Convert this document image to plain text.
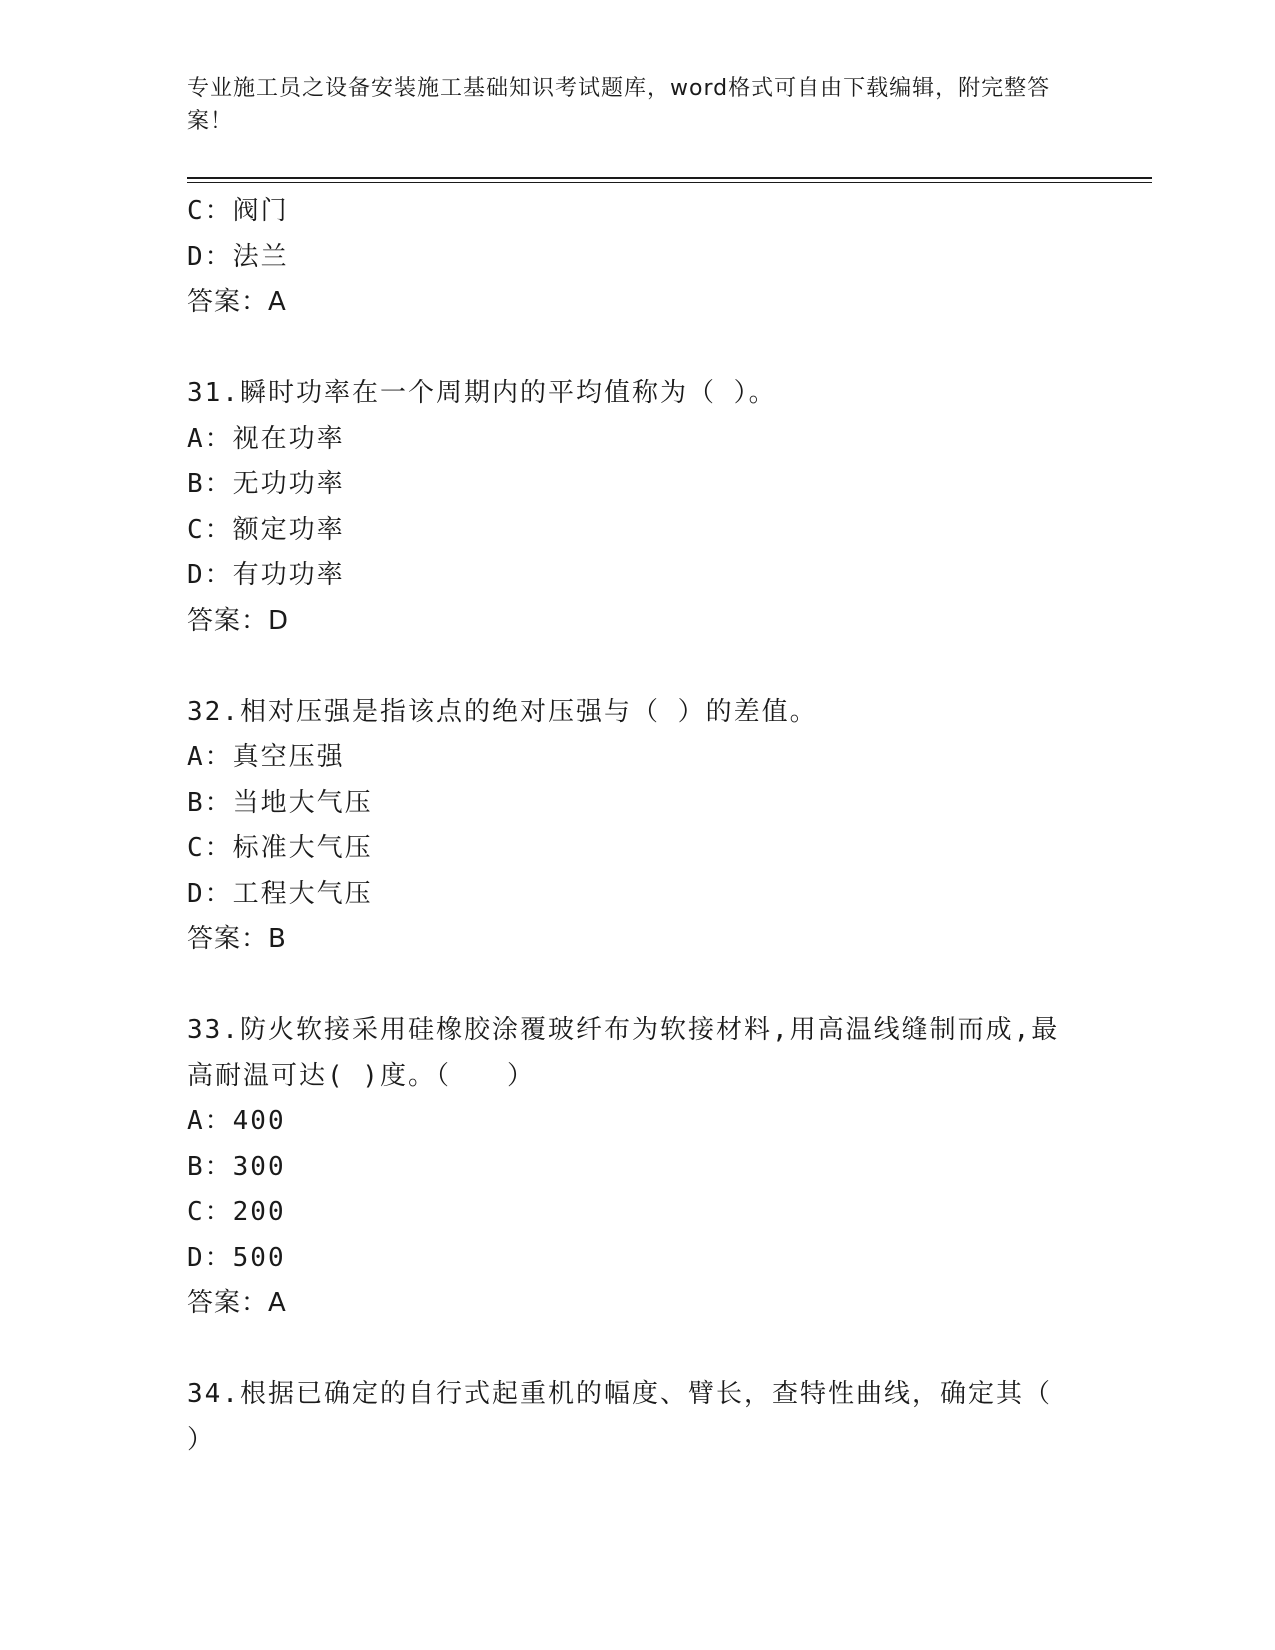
专业施工员之设备安装施工基础知识考试题库，word格式可自由下载编辑，附完整答案！
C：阀门
D：法兰
答案：A
31.瞬时功率在一个周期内的平均值称为（ ）。
A：视在功率
B：无功功率
C：额定功率
D：有功功率
答案：D
32.相对压强是指该点的绝对压强与（ ）的差值。
A：真空压强
B：当地大气压
C：标准大气压
D：工程大气压
答案：B
33.防火软接采用硅橡胶涂覆玻纤布为软接材料,用高温线缝制而成,最高耐温可达( )度。（　　）
A：400
B：300
C：200
D：500
答案：A
34.根据已确定的自行式起重机的幅度、臂长，查特性曲线，确定其（ ）
